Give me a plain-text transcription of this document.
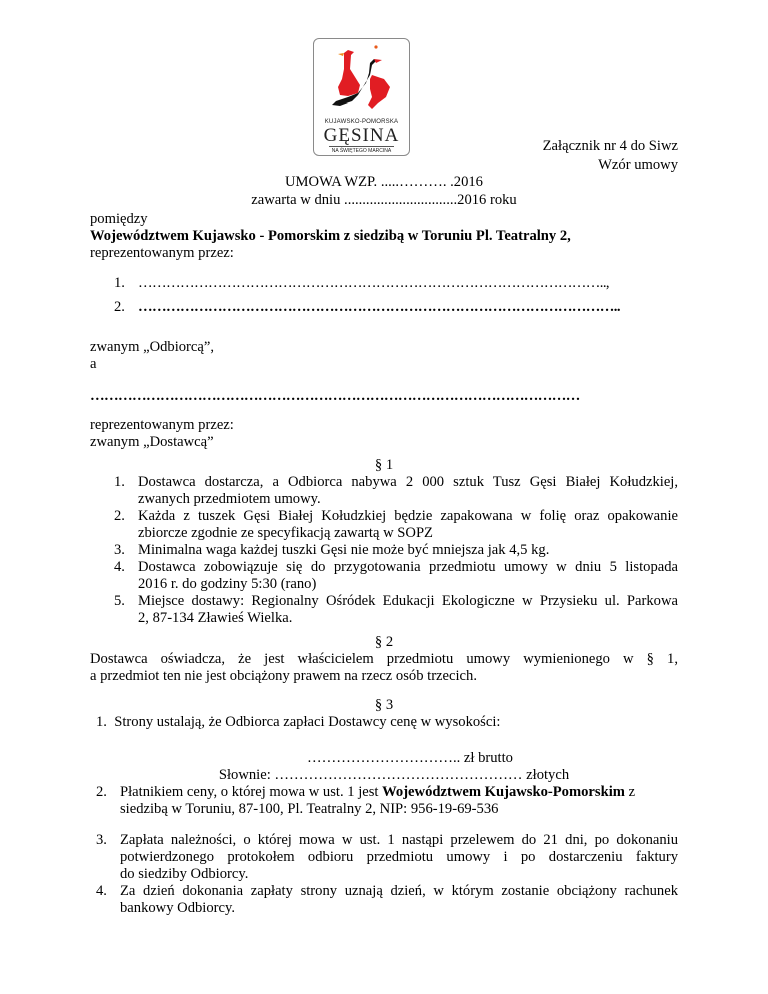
KUJAWSKO-POMORSKA
GĘSINA
NA ŚWIĘTEGO MARCINA	Załącznik nr 4 do Siwz
Wzór umowy
UMOWA WZP. .....………. .2016
zawarta w dniu ...............................2016 roku
pomiędzy
Województwem Kujawsko - Pomorskim z siedzibą w Toruniu Pl. Teatralny 2,
reprezentowanym przez:
1. ………………………………………………………………………………………..,
2. …………………………………………………………………………………………..
zwanym „Odbiorcą”,
a
……………………………………………………………………………………………
reprezentowanym przez:
zwanym „Dostawcą”
§ 1
1. Dostawca dostarcza, a Odbiorca nabywa 2 000 sztuk Tusz Gęsi Białej Kołudzkiej,
zwanych przedmiotem umowy.
2. Każda z tuszek Gęsi Białej Kołudzkiej będzie zapakowana w folię oraz opakowanie
zbiorcze zgodnie ze specyfikacją zawartą w SOPZ
3. Minimalna waga każdej tuszki Gęsi nie może być mniejsza jak 4,5 kg.
4. Dostawca zobowiązuje się do przygotowania przedmiotu umowy w dniu 5 listopada
2016 r. do godziny 5:30 (rano)
5. Miejsce dostawy: Regionalny Ośródek Edukacji Ekologiczne w Przysieku ul. Parkowa
2, 87-134 Zławieś Wielka.
§ 2
Dostawca oświadcza, że jest właścicielem przedmiotu umowy wymienionego w § 1,
a przedmiot ten nie jest obciążony prawem na rzecz osób trzecich.
§ 3
1.  Strony ustalają, że Odbiorca zapłaci Dostawcy cenę w wysokości:
………………………….. zł brutto
Słownie: …………………………………………… złotych
2. Płatnikiem ceny, o której mowa w ust. 1 jest Województwem Kujawsko-Pomorskim z
siedzibą w Toruniu, 87-100, Pl. Teatralny 2, NIP: 956-19-69-536
3. Zapłata należności, o której mowa w ust. 1 nastąpi przelewem do 21 dni, po dokonaniu
potwierdzonego protokołem odbioru przedmiotu umowy i po dostarczeniu faktury
do siedziby Odbiorcy.
4. Za dzień dokonania zapłaty strony uznają dzień, w którym zostanie obciążony rachunek
bankowy Odbiorcy.
